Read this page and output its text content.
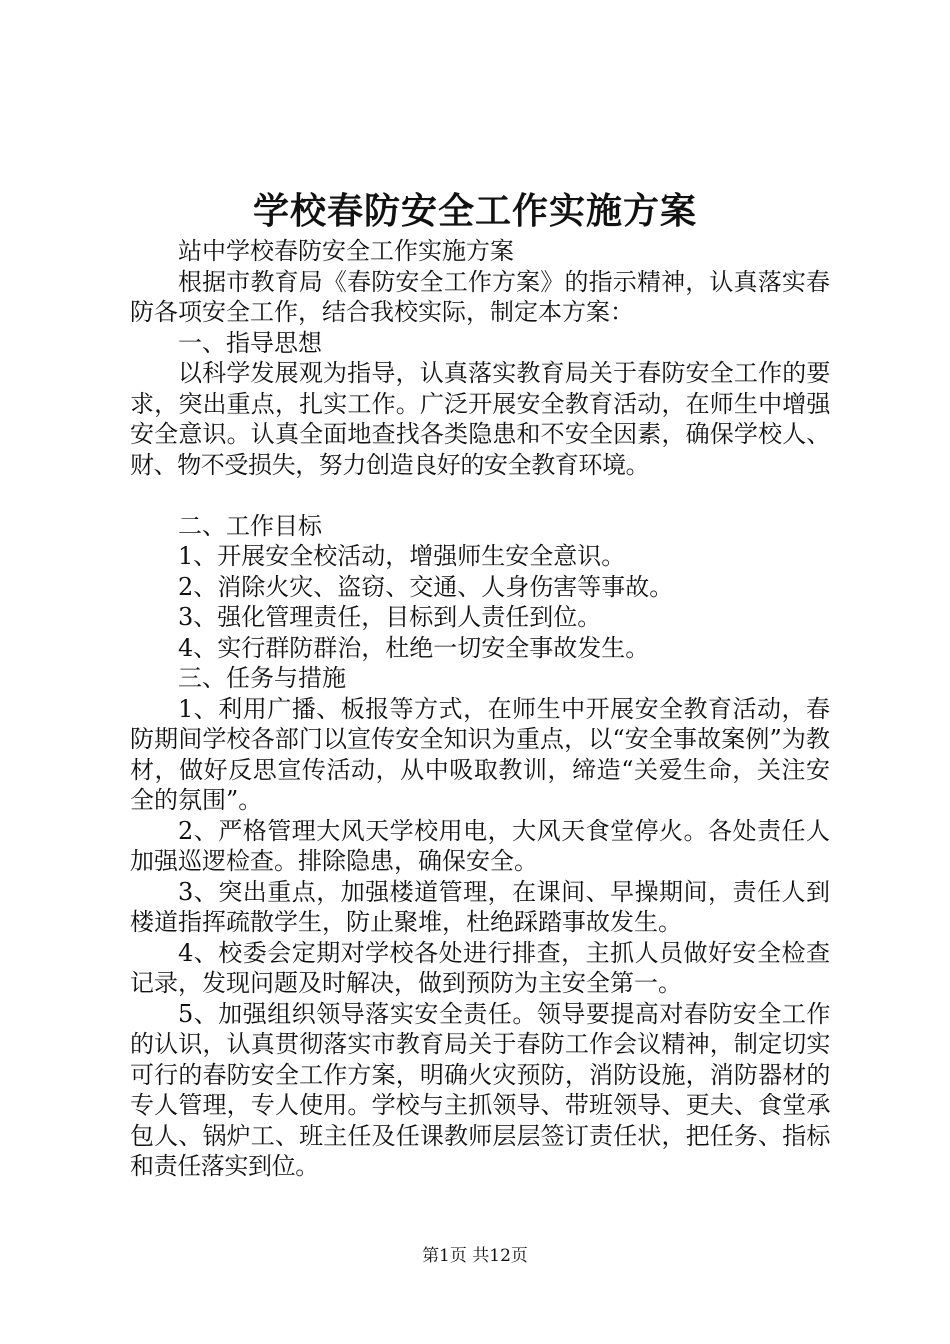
学校春防安全工作实施方案

站中学校春防安全工作实施方案

根据市教育局《春防安全工作方案》的指示精神，认真落实春防各项安全工作，结合我校实际，制定本方案：

一、指导思想

以科学发展观为指导，认真落实教育局关于春防安全工作的要求，突出重点，扎实工作。广泛开展安全教育活动，在师生中增强安全意识。认真全面地查找各类隐患和不安全因素，确保学校人、财、物不受损失，努力创造良好的安全教育环境。

二、工作目标

1、开展安全校活动，增强师生安全意识。

2、消除火灾、盗窃、交通、人身伤害等事故。

3、强化管理责任，目标到人责任到位。

4、实行群防群治，杜绝一切安全事故发生。

三、任务与措施

1、利用广播、板报等方式，在师生中开展安全教育活动，春防期间学校各部门以宣传安全知识为重点，以“安全事故案例”为教材，做好反思宣传活动，从中吸取教训，缔造“关爱生命，关注安全的氛围”。

2、严格管理大风天学校用电，大风天食堂停火。各处责任人加强巡逻检查。排除隐患，确保安全。

3、突出重点，加强楼道管理，在课间、早操期间，责任人到楼道指挥疏散学生，防止聚堆，杜绝踩踏事故发生。

4、校委会定期对学校各处进行排查，主抓人员做好安全检查记录，发现问题及时解决，做到预防为主安全第一。

5、加强组织领导落实安全责任。领导要提高对春防安全工作的认识，认真贯彻落实市教育局关于春防工作会议精神，制定切实可行的春防安全工作方案，明确火灾预防，消防设施，消防器材的专人管理，专人使用。学校与主抓领导、带班领导、更夫、食堂承包人、锅炉工、班主任及任课教师层层签订责任状，把任务、指标和责任落实到位。

第1页 共12页
